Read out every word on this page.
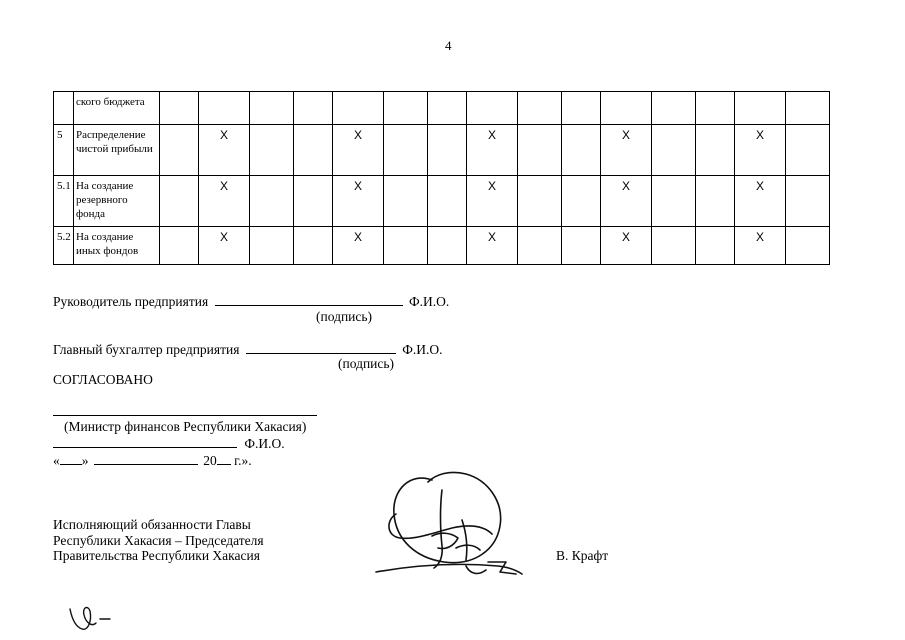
4
	ского бюджета															
5	Распределение чистой прибыли		Х			Х			Х			Х			Х	
5.1	На создание резервного фонда		Х			Х			Х			Х			Х	
5.2	На создание иных фондов		Х			Х			Х			Х			Х	
Руководитель предприятия	Ф.И.О.
(подпись)
Главный бухгалтер предприятия	Ф.И.О.
(подпись)
СОГЛАСОВАНО
(Министр финансов Республики Хакасия)
Ф.И.О.
« »	20 г.».
Исполняющий обязанности Главы
Республики Хакасия – Председателя
Правительства Республики Хакасия	В. Крафт
